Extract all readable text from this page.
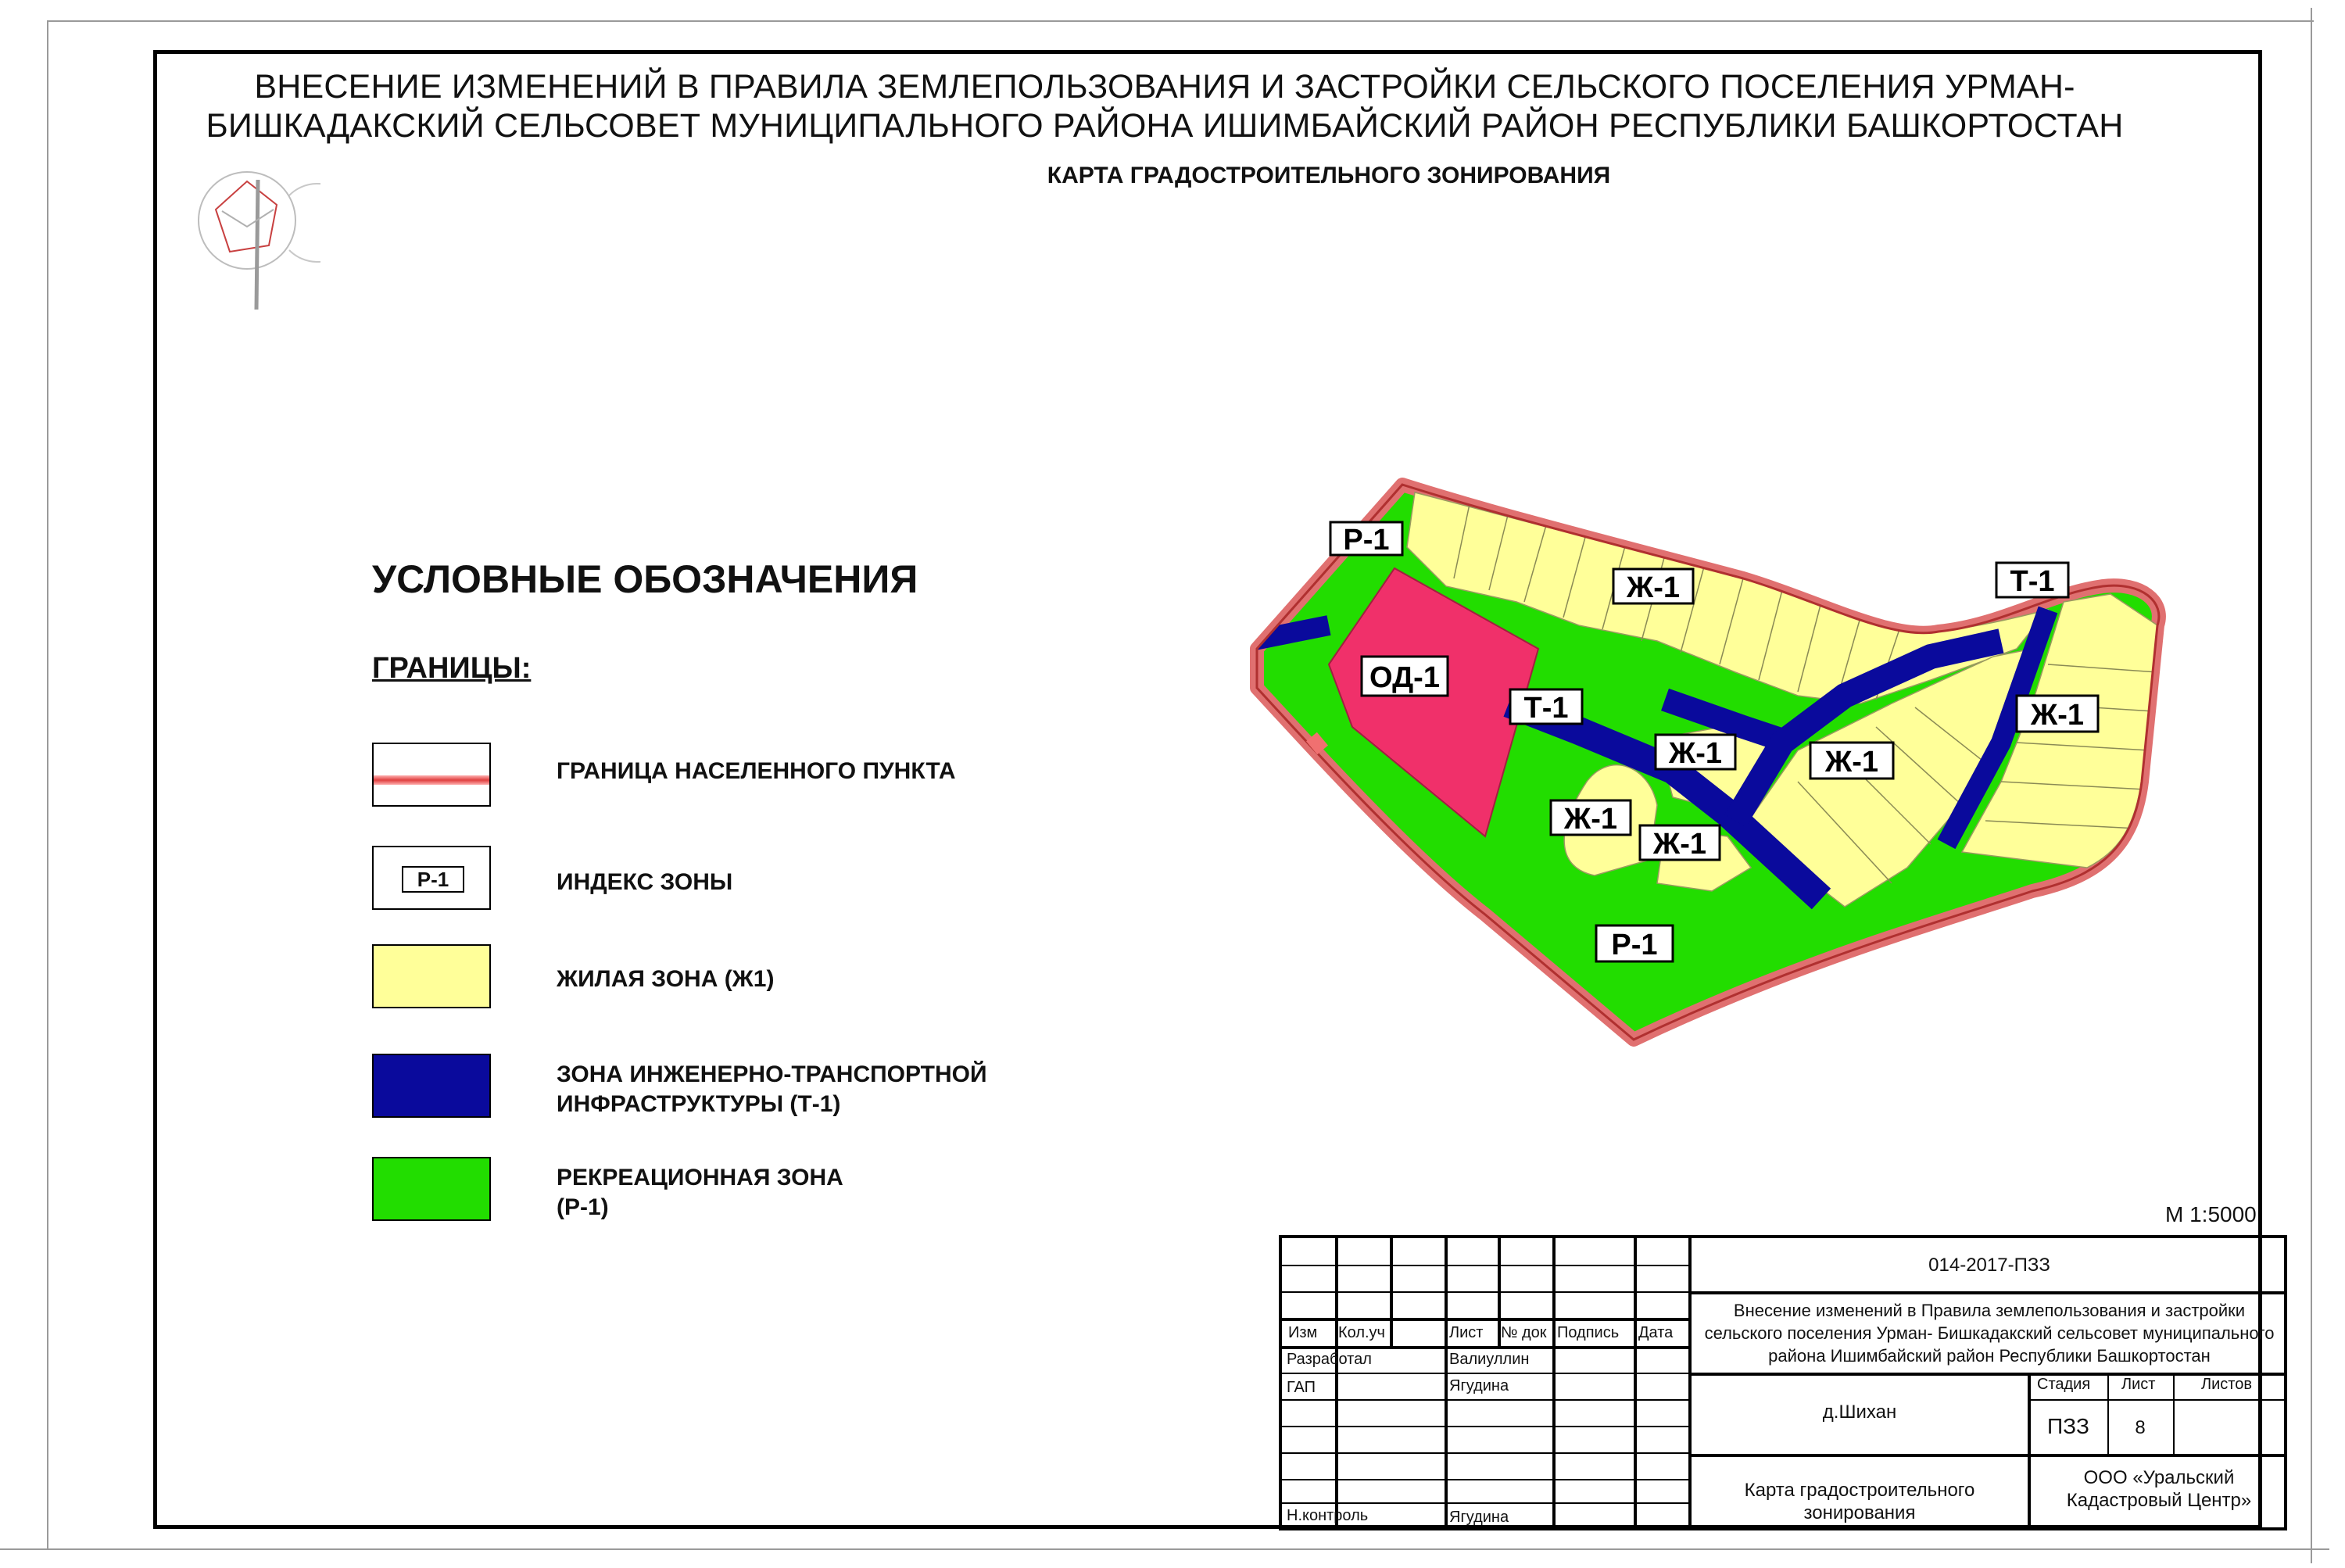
ВНЕСЕНИЕ ИЗМЕНЕНИЙ В ПРАВИЛА ЗЕМЛЕПОЛЬЗОВАНИЯ И ЗАСТРОЙКИ СЕЛЬСКОГО ПОСЕЛЕНИЯ УРМАН-
БИШКАДАКСКИЙ СЕЛЬСОВЕТ МУНИЦИПАЛЬНОГО РАЙОНА ИШИМБАЙСКИЙ РАЙОН РЕСПУБЛИКИ БАШКОРТОСТАН
КАРТА ГРАДОСТРОИТЕЛЬНОГО ЗОНИРОВАНИЯ
УСЛОВНЫЕ ОБОЗНАЧЕНИЯ
ГРАНИЦЫ:
ГРАНИЦА НАСЕЛЕННОГО ПУНКТА
Р-1	ИНДЕКС ЗОНЫ
ЖИЛАЯ ЗОНА (Ж1)
ЗОНА ИНЖЕНЕРНО-ТРАНСПОРТНОЙ
ИНФРАСТРУКТУРЫ (Т-1)
РЕКРЕАЦИОННАЯ ЗОНА
(Р-1)
Р-1
Ж-1	Т-1
ОД-1
Т-1
Ж-1	Ж-1
Ж-1
Ж-1
Ж-1
Р-1
М 1:5000
Изм Кол.уч	Лист № док Подпись Дата
Разработал	Валиуллин
ГАП	Ягудина
Н.контроль	Ягудина
014-2017-ПЗЗ
Внесение изменений в Правила землепользования и застройки
сельского поселения Урман- Бишкадакский сельсовет муниципального
района Ишимбайский район Республики Башкортостан
д.Шихан
Стадия Лист	Листов
ПЗЗ	8
Карта градостроительного зонирования
ООО «Уральский
Кадастровый Центр»
